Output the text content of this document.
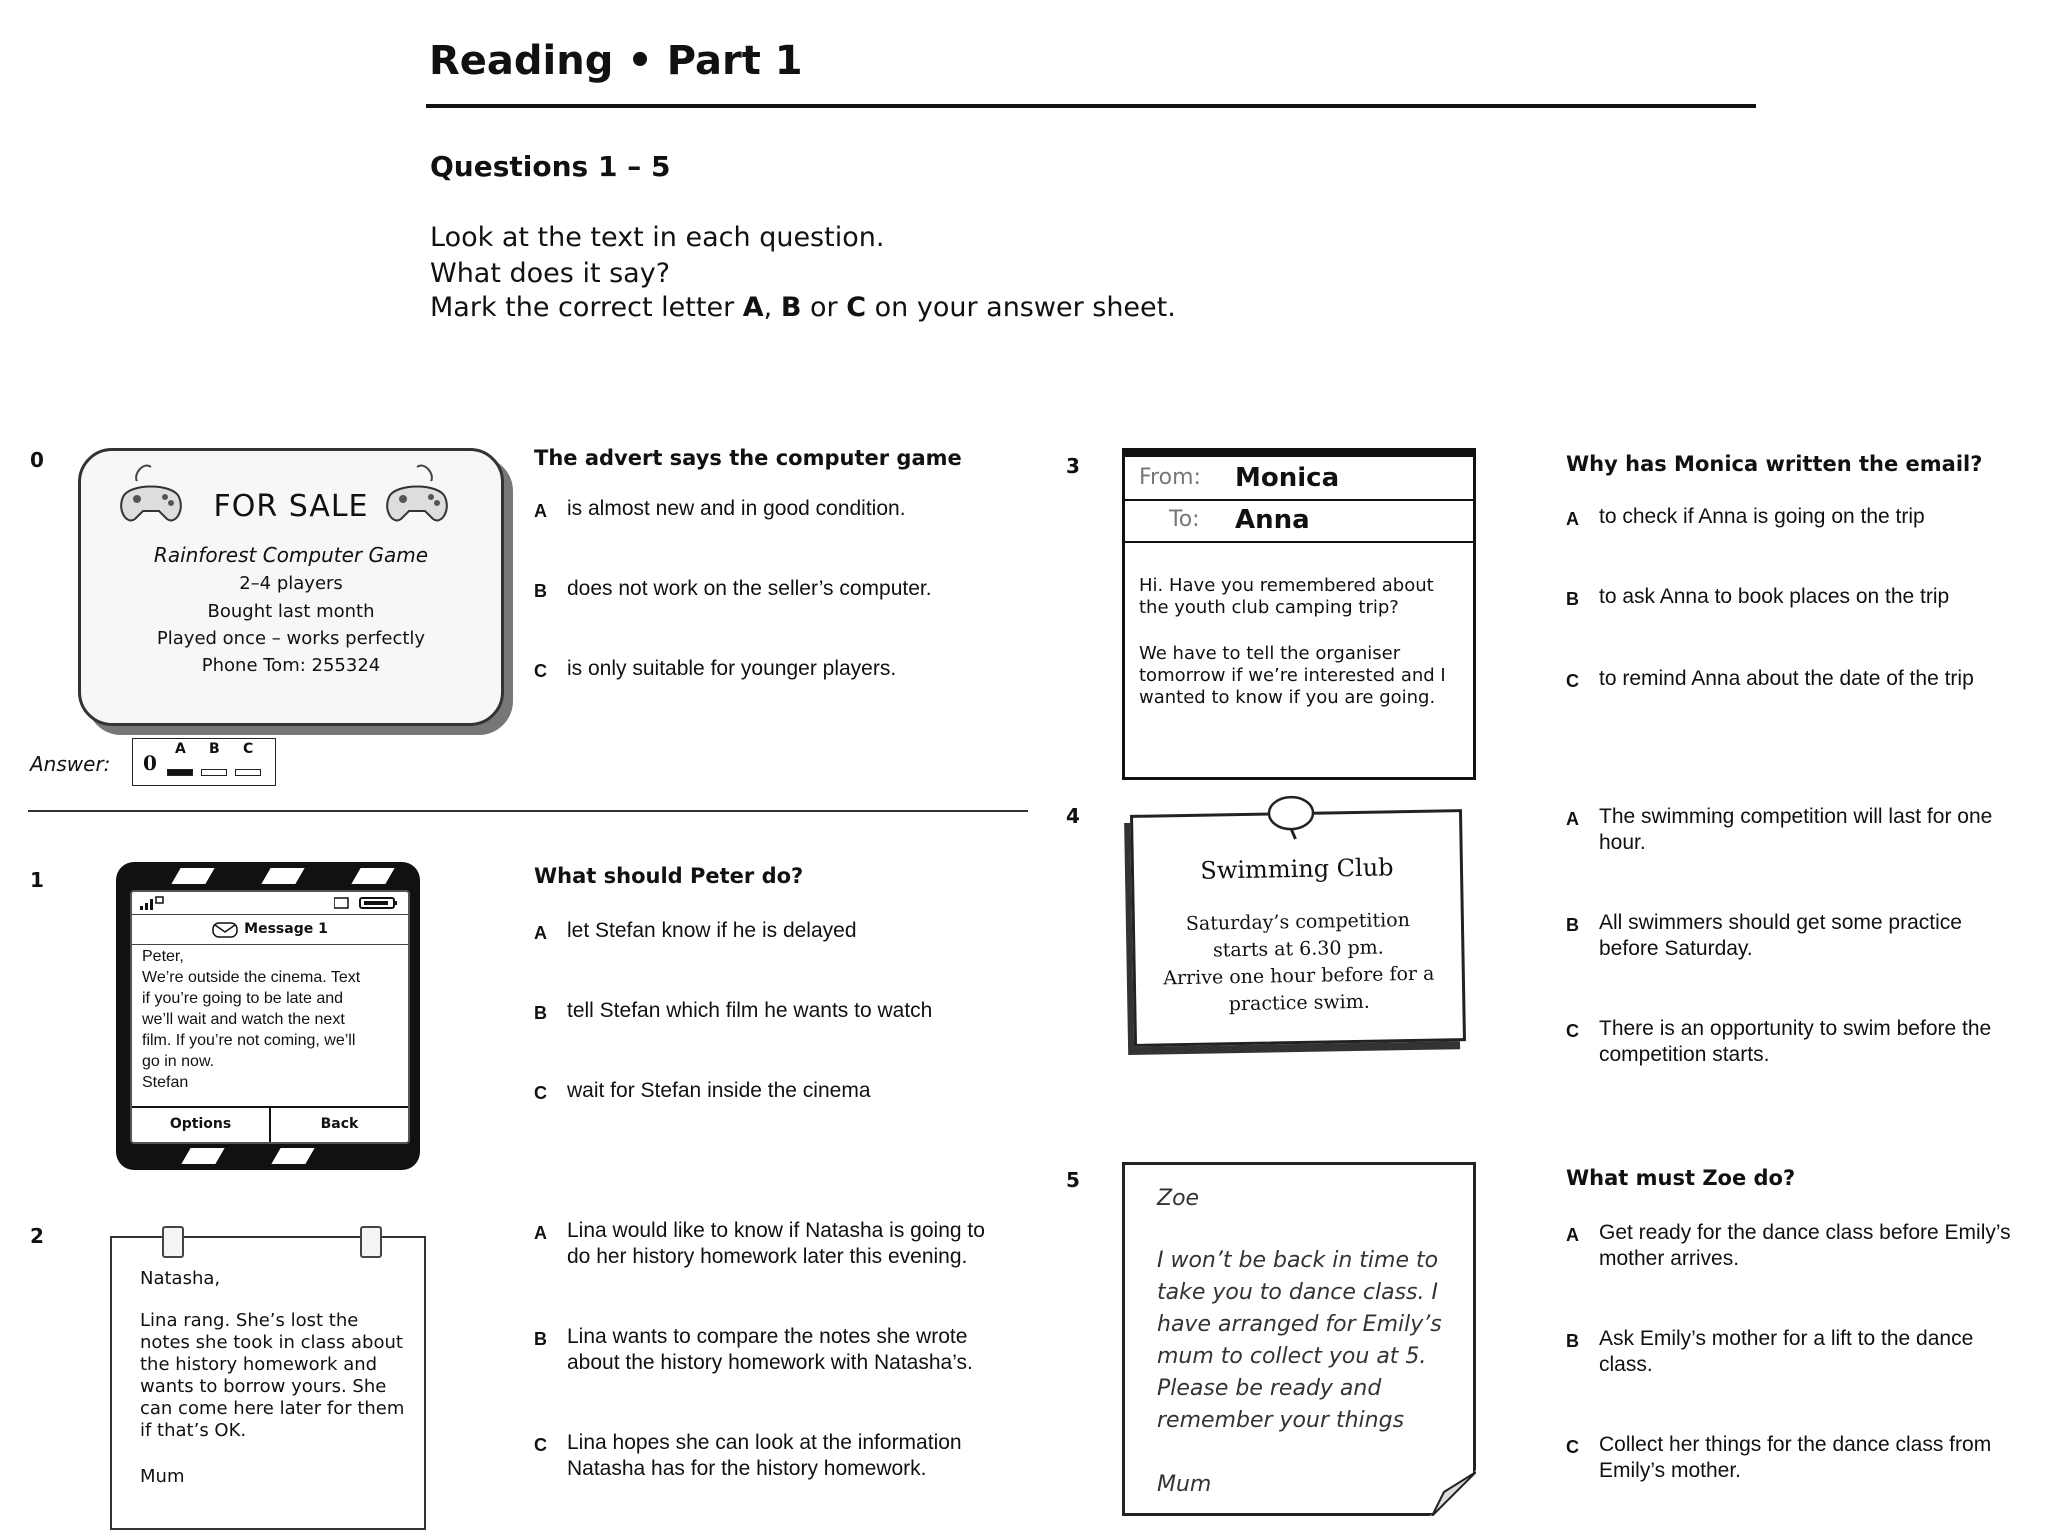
Reading • Part 1
Questions 1 – 5
Look at the text in each question.
What does it say?
Mark the correct letter A, B or C on your answer sheet.
0
FOR SALE
Rainforest Computer Game
2–4 players
Bought last month
Played once – works perfectly
Phone Tom: 255324
The advert says the computer game
A is almost new and in good condition.
B does not work on the seller’s computer.
C is only suitable for younger players.
Answer: 0
A B C
1
Message 1
Peter,
We’re outside the cinema. Text
if you’re going to be late and
we’ll wait and watch the next
film. If you’re not coming, we’ll
go in now.
Stefan
Options	Back
What should Peter do?
A let Stefan know if he is delayed
B tell Stefan which film he wants to watch
C wait for Stefan inside the cinema
2
Natasha,
Lina rang. She’s lost the
notes she took in class about
the history homework and
wants to borrow yours. She
can come here later for them
if that’s OK.
Mum
A Lina would like to know if Natasha is going to do her history homework later this evening.
B Lina wants to compare the notes she wrote about the history homework with Natasha’s.
C Lina hopes she can look at the information Natasha has for the history homework.
3	From: Monica
To: Anna
Hi. Have you remembered about
the youth club camping trip?
We have to tell the organiser
tomorrow if we’re interested and I
wanted to know if you are going.
Why has Monica written the email?
A to check if Anna is going on the trip
B to ask Anna to book places on the trip
C to remind Anna about the date of the trip
4
Swimming Club
Saturday’s competition
starts at 6.30 pm.
Arrive one hour before for a
practice swim.
A The swimming competition will last for one hour.
B All swimmers should get some practice before Saturday.
C There is an opportunity to swim before the competition starts.
5
Zoe
I won’t be back in time to
take you to dance class. I
have arranged for Emily’s
mum to collect you at 5.
Please be ready and
remember your things
Mum
What must Zoe do?
A Get ready for the dance class before Emily’s mother arrives.
B Ask Emily’s mother for a lift to the dance class.
C Collect her things for the dance class from Emily’s mother.
